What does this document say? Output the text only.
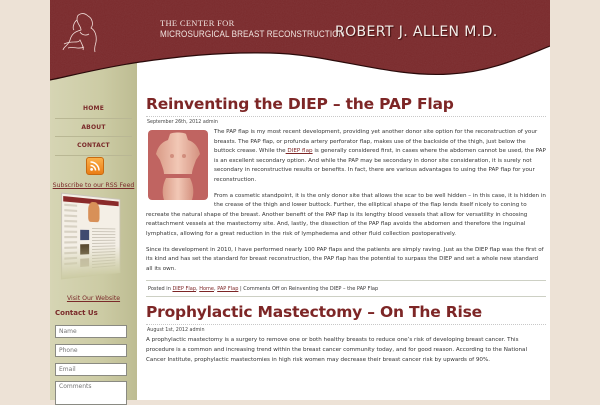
HOME
ABOUT
CONTACT
Subscribe to our RSS Feed
Visit Our Website
Contact Us
Name
Phone
Email
Comments
THE CENTER FOR
MICROSURGICAL BREAST RECONSTRUCTION
ROBERT J. ALLEN M.D.
Reinventing the DIEP – the PAP Flap
September 26th, 2012 admin

The PAP flap is my most recent development, providing yet another donor site option for the reconstruction of your breasts. The PAP flap, or profunda artery perforator flap, makes use of the backside of the thigh, just below the buttock crease. While the DIEP flap is generally considered first, in cases where the abdomen cannot be used, the PAP is an excellent secondary option. And while the PAP may be secondary in donor site consideration, it is surely not secondary in reconstructive results or benefits. In fact, there are various advantages to using the PAP flap for your reconstruction.

From a cosmetic standpoint, it is the only donor site that allows the scar to be well hidden – in this case, it is hidden in the crease of the thigh and lower buttock. Further, the elliptical shape of the flap lends itself nicely to coning to recreate the natural shape of the breast. Another benefit of the PAP flap is its lengthy blood vessels that allow for versatility in choosing reattachment vessels at the mastectomy site. And, lastly, the dissection of the PAP flap avoids the abdomen and therefore the inguinal lymphatics, allowing for a great reduction in the risk of lymphedema and other fluid collection postoperatively.

Since its development in 2010, I have performed nearly 100 PAP flaps and the patients are simply raving. Just as the DIEP flap was the first of its kind and has set the standard for breast reconstruction, the PAP flap has the potential to surpass the DIEP and set a whole new standard all its own.

Posted in DIEP Flap, Home, PAP Flap | Comments Off on Reinventing the DIEP – the PAP Flap
Prophylactic Mastectomy – On The Rise
August 1st, 2012 admin

A prophylactic mastectomy is a surgery to remove one or both healthy breasts to reduce one’s risk of developing breast cancer. This procedure is a common and increasing trend within the breast cancer community today, and for good reason. According to the National Cancer Institute, prophylactic mastectomies in high risk women may decrease their breast cancer risk by upwards of 90%.
